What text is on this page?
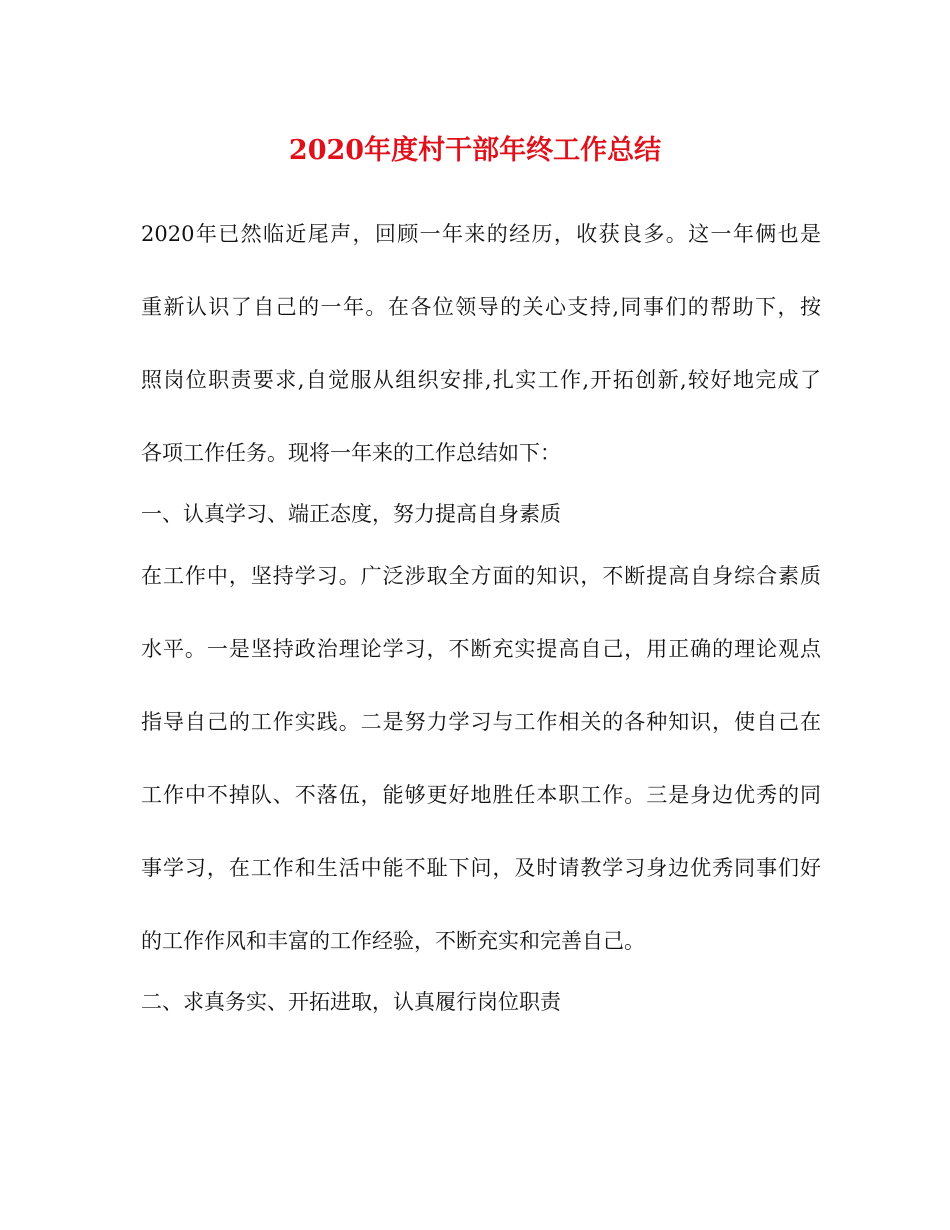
2020年度村干部年终工作总结
2020年已然临近尾声，回顾一年来的经历，收获良多。这一年俩也是
重新认识了自己的一年。在各位领导的关心支持,同事们的帮助下，按
照岗位职责要求,自觉服从组织安排,扎实工作,开拓创新,较好地完成了
各项工作任务。现将一年来的工作总结如下：
一、认真学习、端正态度，努力提高自身素质
在工作中，坚持学习。广泛涉取全方面的知识，不断提高自身综合素质
水平。一是坚持政治理论学习，不断充实提高自己，用正确的理论观点
指导自己的工作实践。二是努力学习与工作相关的各种知识，使自己在
工作中不掉队、不落伍，能够更好地胜任本职工作。三是身边优秀的同
事学习，在工作和生活中能不耻下问，及时请教学习身边优秀同事们好
的工作作风和丰富的工作经验，不断充实和完善自己。
二、求真务实、开拓进取，认真履行岗位职责
